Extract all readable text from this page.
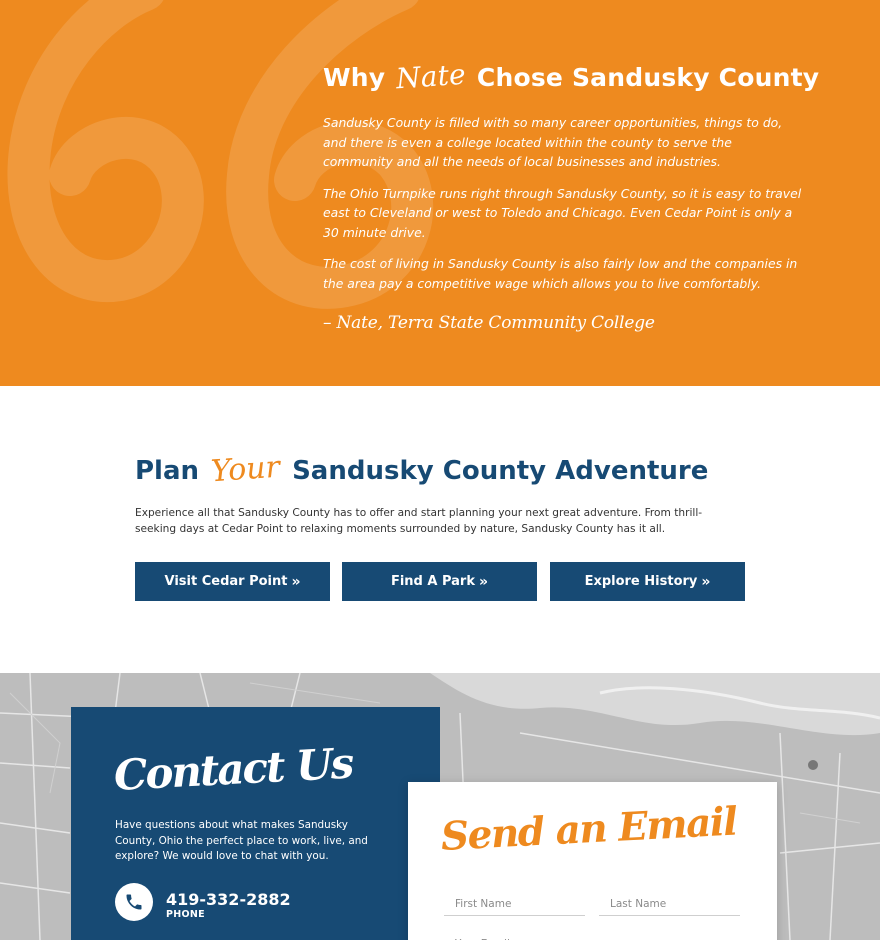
Why Nate Chose Sandusky County

Sandusky County is filled with so many career opportunities, things to do, and there is even a college located within the county to serve the community and all the needs of local businesses and industries.

The Ohio Turnpike runs right through Sandusky County, so it is easy to travel east to Cleveland or west to Toledo and Chicago. Even Cedar Point is only a 30 minute drive.

The cost of living in Sandusky County is also fairly low and the companies in the area pay a competitive wage which allows you to live comfortably.

– Nate, Terra State Community College
Plan Your Sandusky County Adventure

Experience all that Sandusky County has to offer and start planning your next great adventure. From thrill-seeking days at Cedar Point to relaxing moments surrounded by nature, Sandusky County has it all.

Visit Cedar Point »	Find A Park »	Explore History »
Contact Us

Have questions about what makes Sandusky County, Ohio the perfect place to work, live, and explore? We would love to chat with you.

419-332-2882
PHONE
Send an Email
First Name
Last Name
Your Email
